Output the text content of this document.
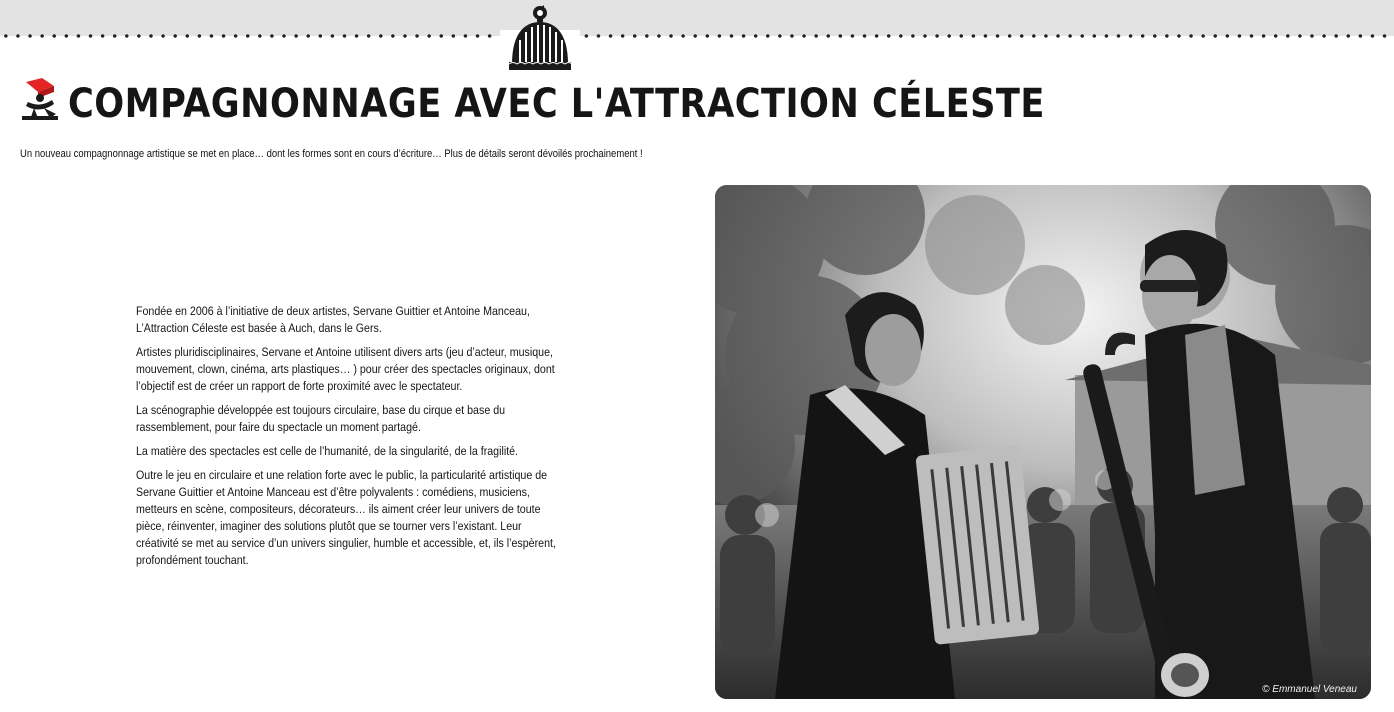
COMPAGNONNAGE AVEC L'ATTRACTION CÉLESTE

Un nouveau compagnonnage artistique se met en place… dont les formes sont en cours d’écriture… Plus de détails seront dévoilés prochainement !

Fondée en 2006 à l’initiative de deux artistes, Servane Guittier et Antoine Manceau, L’Attraction Céleste est basée à Auch, dans le Gers.

Artistes pluridisciplinaires, Servane et Antoine utilisent divers arts (jeu d’acteur, musique, mouvement, clown, cinéma, arts plastiques… ) pour créer des spectacles originaux, dont l’objectif est de créer un rapport de forte proximité avec le spectateur.

La scénographie développée est toujours circulaire, base du cirque et base du rassemblement, pour faire du spectacle un moment partagé.

La matière des spectacles est celle de l’humanité, de la singularité, de la fragilité.

Outre le jeu en circulaire et une relation forte avec le public, la particularité artistique de Servane Guittier et Antoine Manceau est d’être polyvalents : comédiens, musiciens, metteurs en scène, compositeurs, décorateurs… ils aiment créer leur univers de toute pièce, réinventer, imaginer des solutions plutôt que se tourner vers l’existant. Leur créativité se met au service d’un univers singulier, humble et accessible, et, ils l’espèrent, profondément touchant.

© Emmanuel Veneau
